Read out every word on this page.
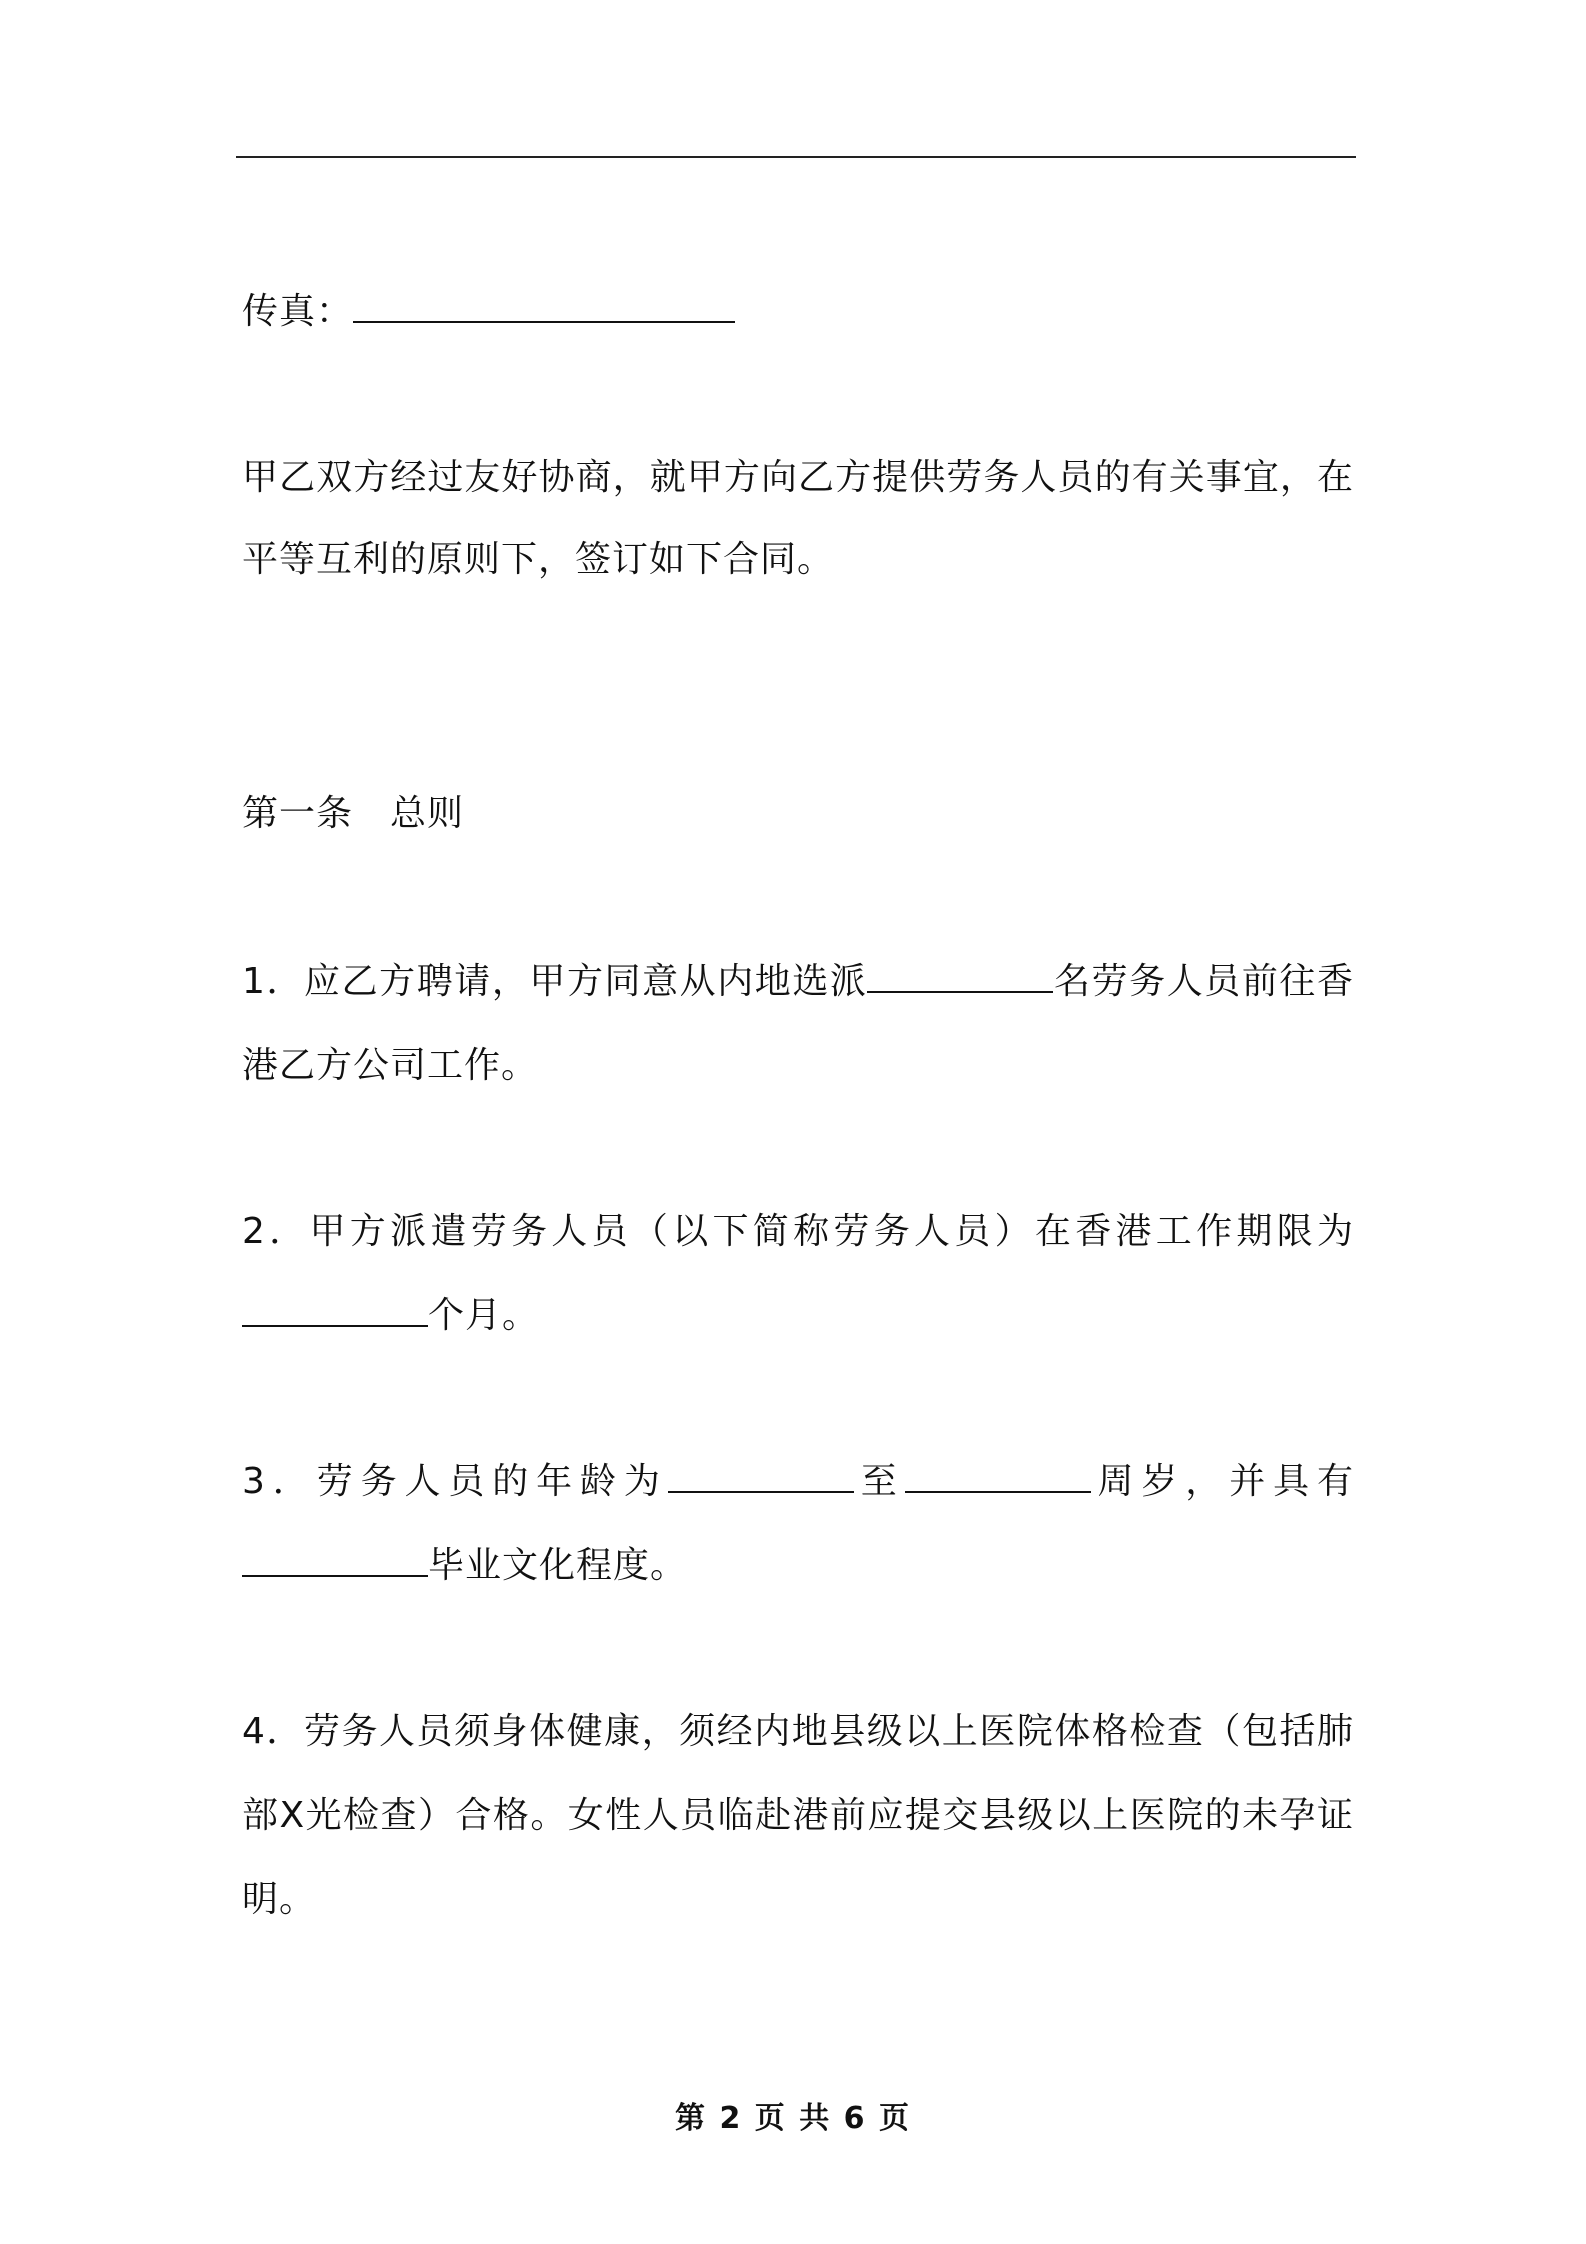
传真：
甲乙双方经过友好协商，就甲方向乙方提供劳务人员的有关事宜，在
平等互利的原则下，签订如下合同。
第一条　总则
1．应乙方聘请，甲方同意从内地选派	名劳务人员前往香
港乙方公司工作。
2．甲方派遣劳务人员（以下简称劳务人员）在香港工作期限为
个月。
3．劳务人员的年龄为	至	周岁，并具有
毕业文化程度。
4．劳务人员须身体健康，须经内地县级以上医院体格检查（包括肺
部X光检查）合格。女性人员临赴港前应提交县级以上医院的未孕证
明。
第 2 页 共 6 页
